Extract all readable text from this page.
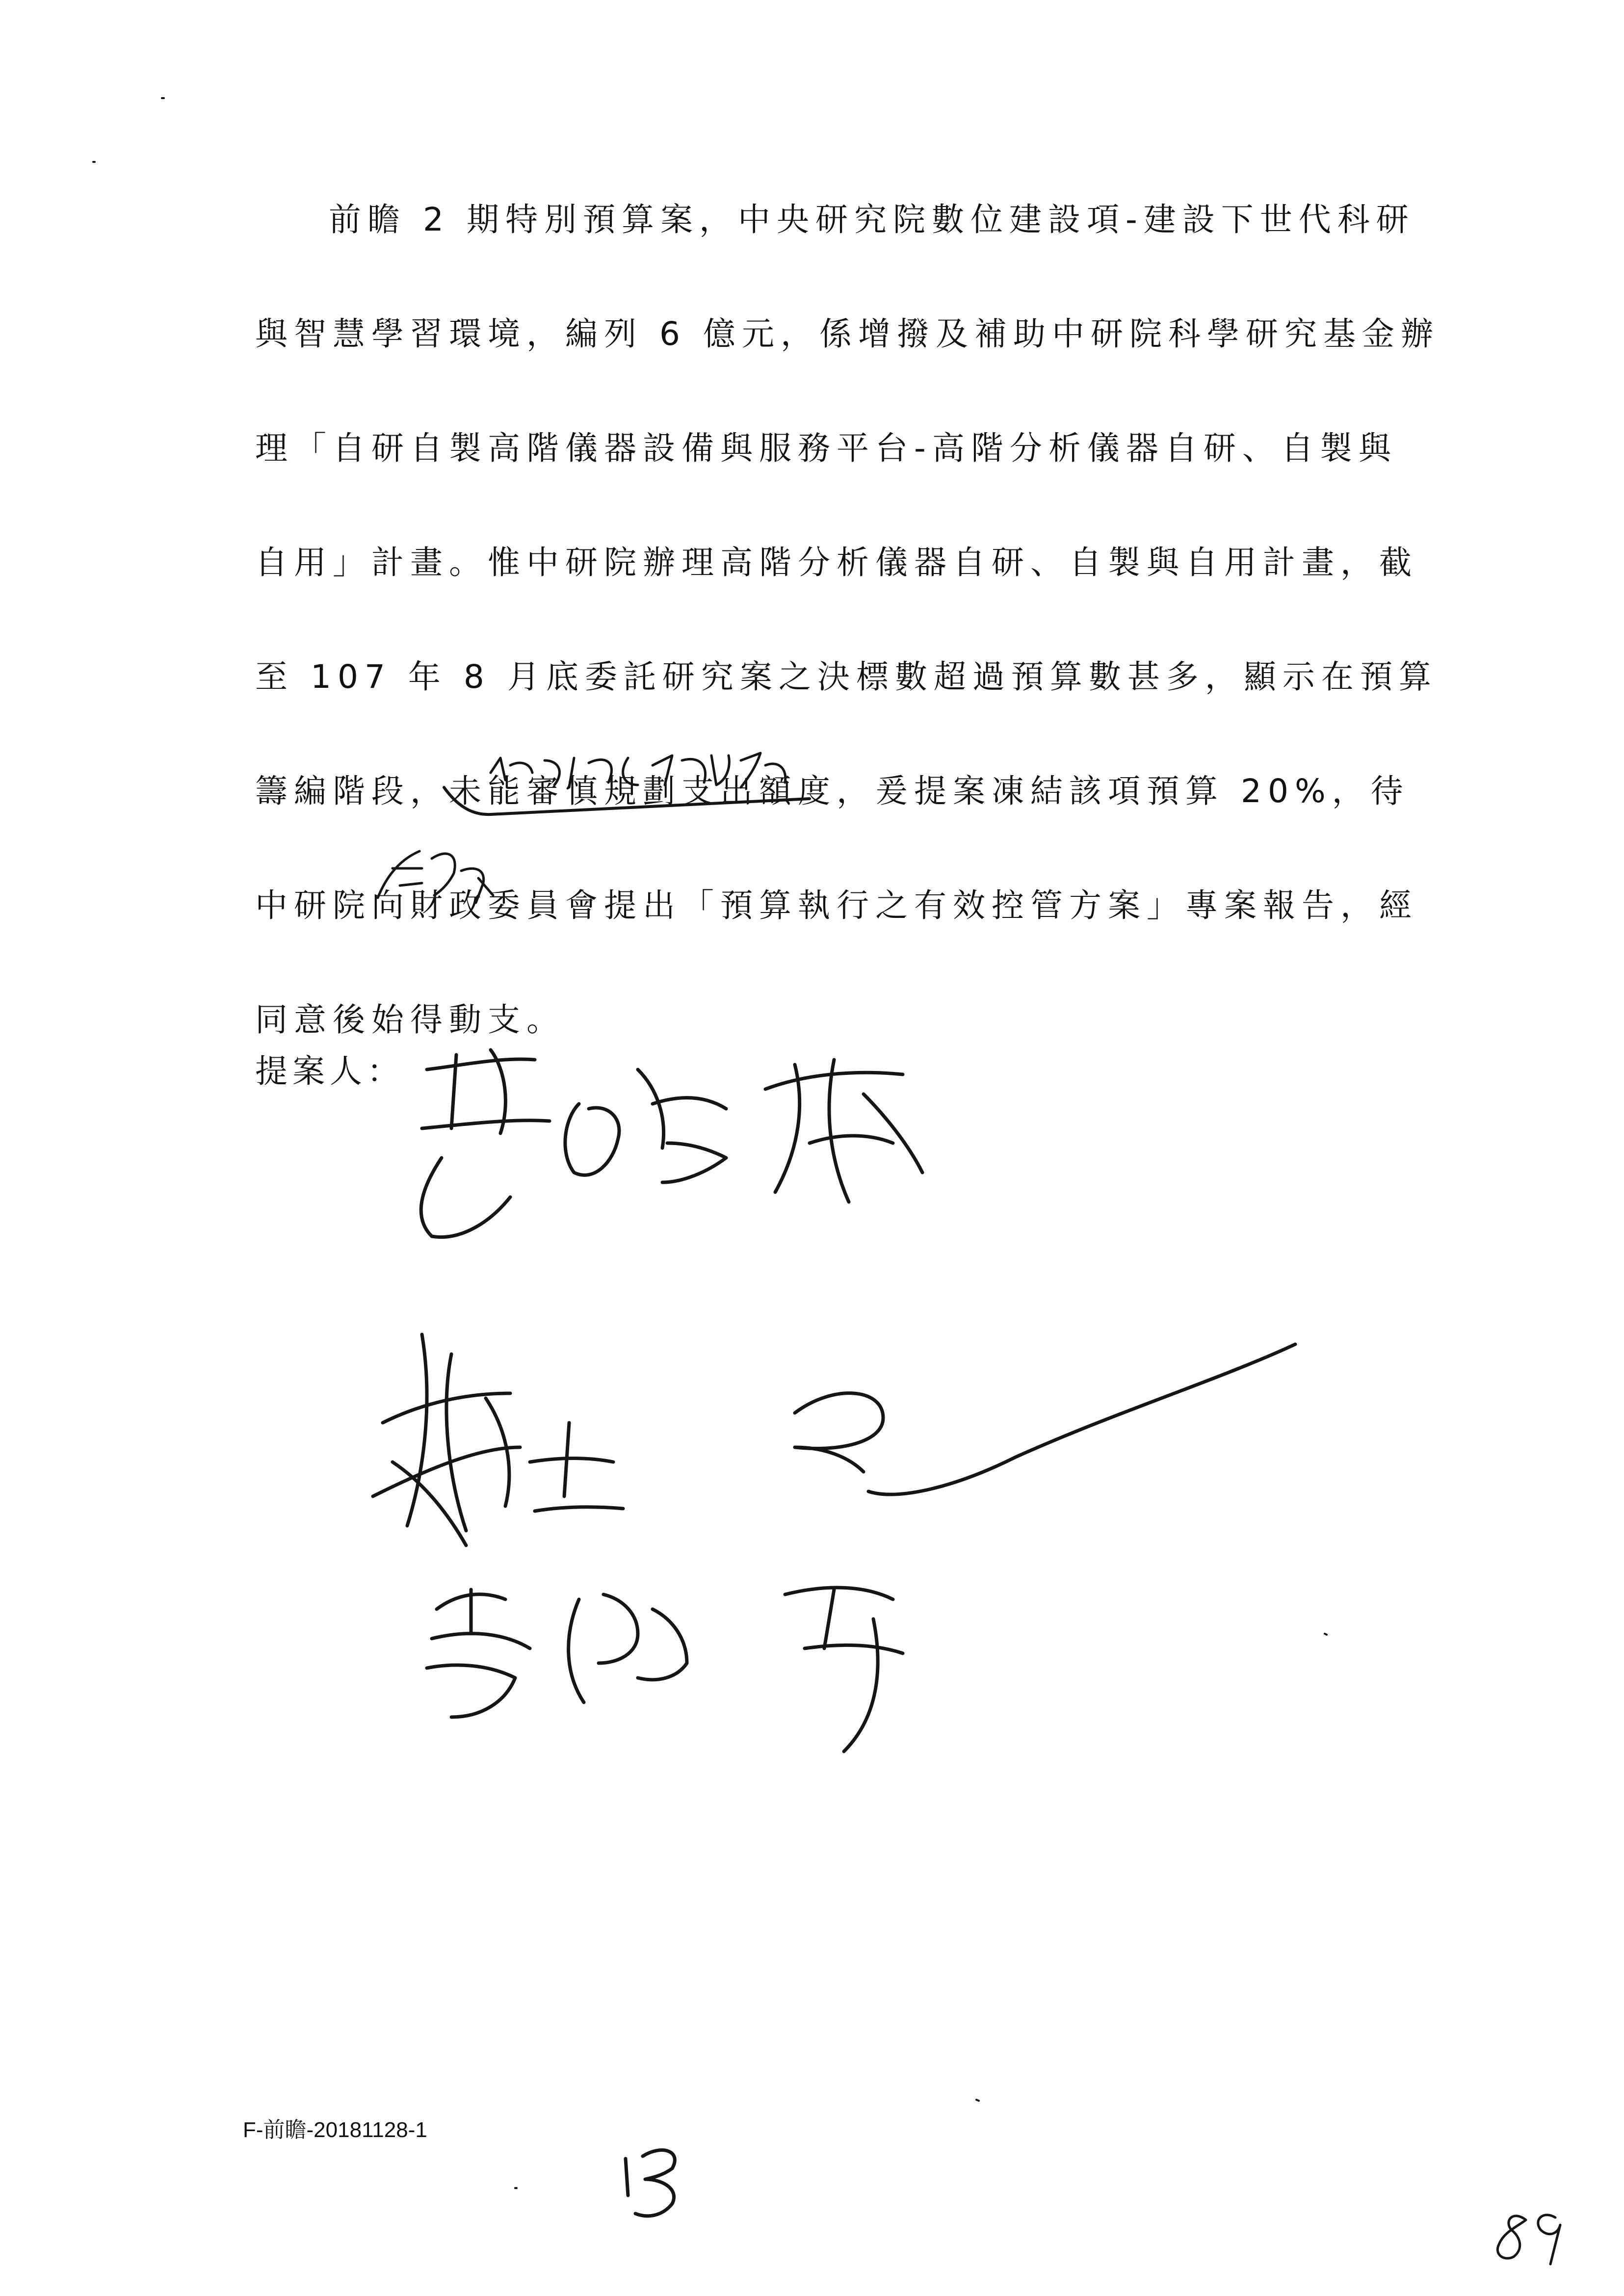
前瞻 2 期特別預算案，中央研究院數位建設項-建設下世代科研
與智慧學習環境，編列 6 億元，係增撥及補助中研院科學研究基金辦
理「自研自製高階儀器設備與服務平台-高階分析儀器自研、自製與
自用」計畫。惟中研院辦理高階分析儀器自研、自製與自用計畫，截
至 107 年 8 月底委託研究案之決標數超過預算數甚多，顯示在預算
籌編階段，未能審慎規劃支出額度，爰提案凍結該項預算 20%，待
中研院向財政委員會提出「預算執行之有效控管方案」專案報告，經
同意後始得動支。
提案人：
F-前瞻-20181128-1
